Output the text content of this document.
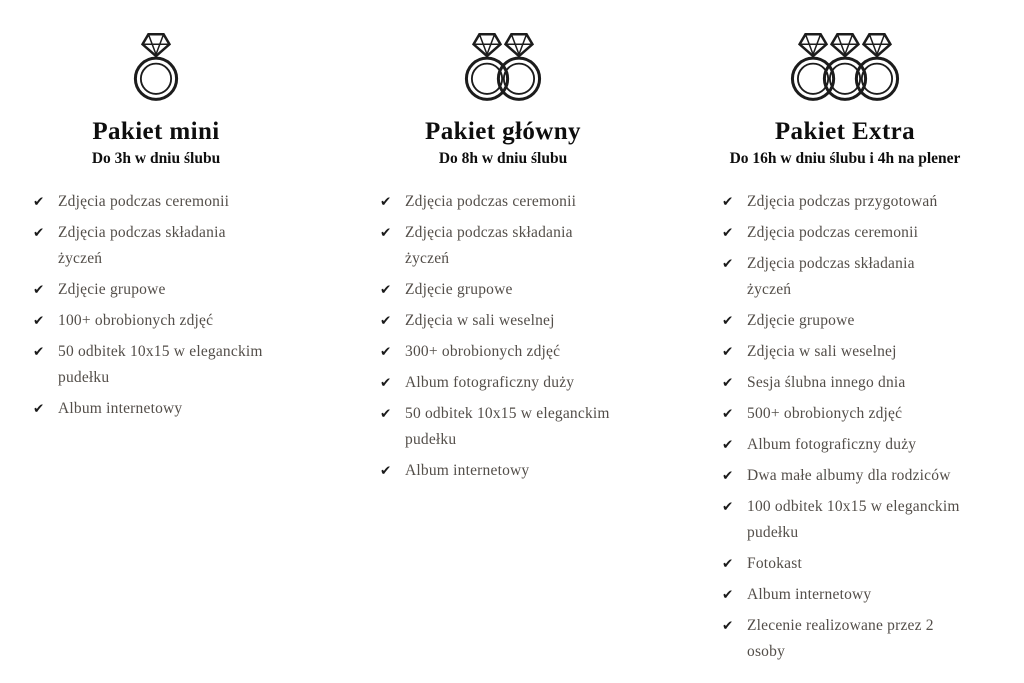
Pakiet mini

Do 3h w dniu ślubu

✔ Zdjęcia podczas ceremonii
✔ Zdjęcia podczas składania życzeń
✔ Zdjęcie grupowe
✔ 100+ obrobionych zdjęć
✔ 50 odbitek 10x15 w eleganckim pudełku
✔ Album internetowy
Pakiet główny

Do 8h w dniu ślubu

✔ Zdjęcia podczas ceremonii
✔ Zdjęcia podczas składania życzeń
✔ Zdjęcie grupowe
✔ Zdjęcia w sali weselnej
✔ 300+ obrobionych zdjęć
✔ Album fotograficzny duży
✔ 50 odbitek 10x15 w eleganckim pudełku
✔ Album internetowy
Pakiet Extra

Do 16h w dniu ślubu i 4h na plener

✔ Zdjęcia podczas przygotowań
✔ Zdjęcia podczas ceremonii
✔ Zdjęcia podczas składania życzeń
✔ Zdjęcie grupowe
✔ Zdjęcia w sali weselnej
✔ Sesja ślubna innego dnia
✔ 500+ obrobionych zdjęć
✔ Album fotograficzny duży
✔ Dwa małe albumy dla rodziców
✔ 100 odbitek 10x15 w eleganckim pudełku
✔ Fotokast
✔ Album internetowy
✔ Zlecenie realizowane przez 2 osoby
